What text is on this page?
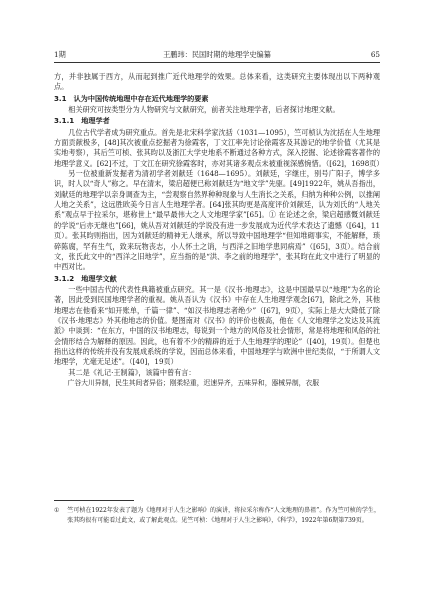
1期	王鹏玮：民国时期的地理学史编纂	65

方，并非独属于西方，从而起到推广近代地理学的效果。总体来看，这类研究主要体现出以下两种观点。

3.1　认为中国传统地理中存在近代地理学的要素

相关研究可按类型分为人物研究与文献研究，前者关注地理学者，后者探讨地理文献。

3.1.1　地理学者

几位古代学者成为研究重点。首先是北宋科学家沈括（1031—1095），竺可桢认为沈括在人生地理方面贡献极多，[48]其次被重点挖掘者为徐霞客，丁文江率先讨论徐霞客及其游记的地学价值（尤其是实地考察），其后竺可桢、张其昀以及浙江大学史地系不断通过各种方式，深入挖掘、论述徐霞客著作的地理学意义。[62]不过，丁文江在研究徐霞客时，亦对其诸多观点未被重视深感惋惜。（[62]，1698页）

另一位被重新发掘者为清初学者刘献廷（1648—1695）。刘献廷，字继庄，别号广阳子，博学多识，时人以“奇人”称之。早在清末，梁启超便已称刘献廷为“地文学”先驱。[49]1922年，姚从吾指出，刘献廷的地理学以亲身调查为主，“尝观察自然界种种现象与人生消长之关系，归纳为种种公例，以推阐人地之关系”，这远胜欧美今日言人生地理学者。[64]张其昀更是高度评价刘献廷，认为刘氏的“人地关系”观点早于拉采尔，堪称世上“最早最伟大之人文地理学家”[65]。① 在论述之余，梁启超感慨刘献廷的学说“后亦无继也”[66]，姚从吾对刘献廷的学说没有进一步发展成为近代学术表达了遗憾（[64]，11页）。张其昀则指出，因为刘献廷的精神无人继承，所以导致中国地理学“但知堆砌事实，不能解释，琐碎陈腐，罕有生气，致来玩物丧志，小人怀土之诮，与西洋之旧地学患同病焉”（[65]，3页）。结合前文，张氏此文中的“西洋之旧地学”，应当指的是“洪、李之前的地理学”，张其昀在此文中进行了明显的中西对比。

3.1.2　地理学文献

一些中国古代的代表性典籍被重点研究。其一是《汉书·地理志》，这是中国最早以“地理”为名的论著，因此受到民国地理学者的重视。姚从吾认为《汉书》中存在人生地理学观念[67]，除此之外，其他地理志在他看来“如开账单，千篇一律”、“如汉书地理志者绝少”（[67]，9页），实际上是大大降低了除《汉书·地理志》外其他地志的价值。楚图南对《汉书》的评价也极高，他在《人文地理学之发达及其流派》中谈到：“在东方，中国的汉书地理志，每说到一个地方的风俗及社会情形，常是将地理和风俗的社会情形结合为解释的原因。因此，也有着不少的精辟的近于人生地理学的理论”（[40]，19页）。但楚也指出这样的传统并没有发展成系统的学说，因而总体来看，中国地理学与欧洲中世纪类似，“于所谓人文地理学，尤毫无足述”。（[40]，19页）

其二是《礼记·王制篇》，该篇中曾有言：

广谷大川异制，民生其间者异俗；刚柔轻重，迟速异齐，五味异和，器械异制，衣服

① 竺可桢在1922年发表了题为《地理对于人生之影响》的演讲，将拉采尔称作“人文地理的鼻祖”。作为竺可桢的学生，张其昀很有可能看过此文，或了解此观点。见竺可桢：《地理对于人生之影响》，《科学》，1922年第6期第739页。
